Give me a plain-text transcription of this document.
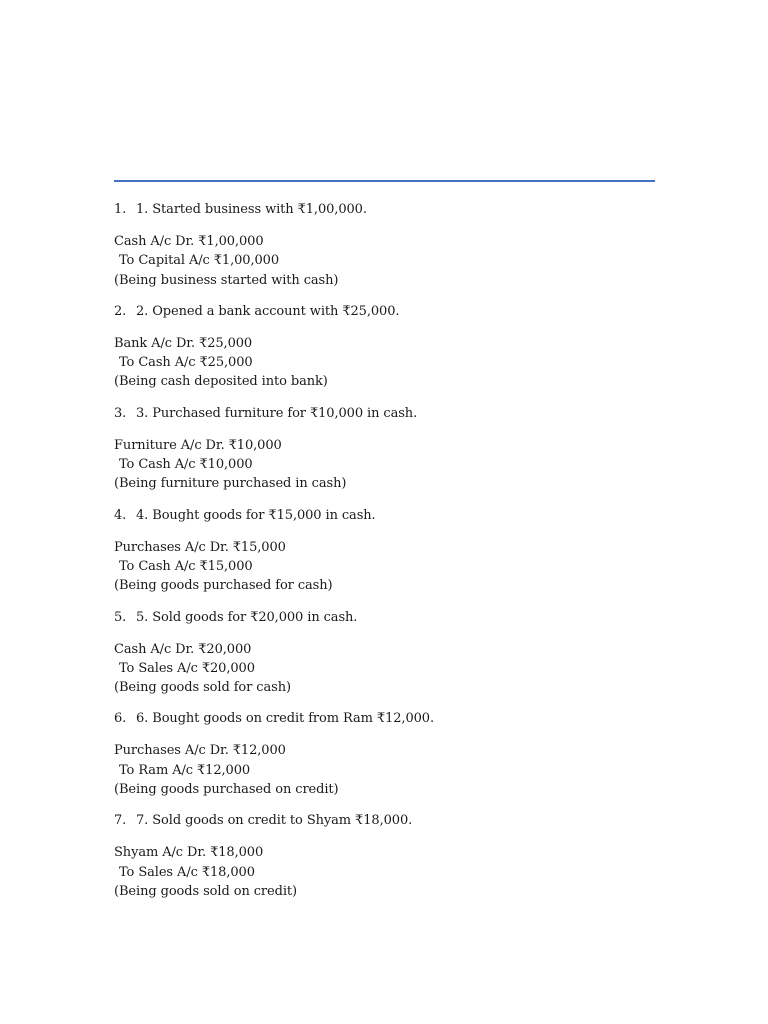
1. 1. Started business with ₹1,00,000.
Cash A/c Dr. ₹1,00,000
To Capital A/c ₹1,00,000
(Being business started with cash)
2. 2. Opened a bank account with ₹25,000.
Bank A/c Dr. ₹25,000
To Cash A/c ₹25,000
(Being cash deposited into bank)
3. 3. Purchased furniture for ₹10,000 in cash.
Furniture A/c Dr. ₹10,000
To Cash A/c ₹10,000
(Being furniture purchased in cash)
4. 4. Bought goods for ₹15,000 in cash.
Purchases A/c Dr. ₹15,000
To Cash A/c ₹15,000
(Being goods purchased for cash)
5. 5. Sold goods for ₹20,000 in cash.
Cash A/c Dr. ₹20,000
To Sales A/c ₹20,000
(Being goods sold for cash)
6. 6. Bought goods on credit from Ram ₹12,000.
Purchases A/c Dr. ₹12,000
To Ram A/c ₹12,000
(Being goods purchased on credit)
7. 7. Sold goods on credit to Shyam ₹18,000.
Shyam A/c Dr. ₹18,000
To Sales A/c ₹18,000
(Being goods sold on credit)
